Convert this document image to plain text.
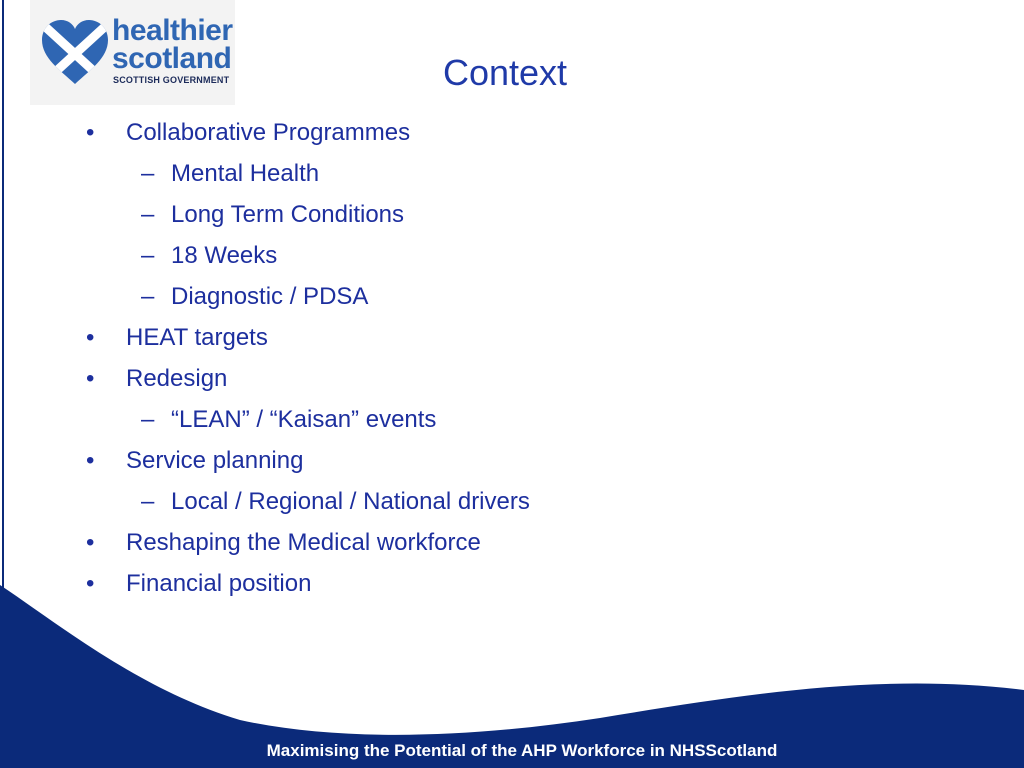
healthier
scotland
SCOTTISH GOVERNMENT	Context
• Collaborative Programmes
– Mental Health
– Long Term Conditions
– 18 Weeks
– Diagnostic / PDSA
• HEAT targets
• Redesign
– “LEAN” / “Kaisan” events
• Service planning
– Local / Regional / National drivers
• Reshaping the Medical workforce
• Financial position
Maximising the Potential of the AHP Workforce in NHSScotland
